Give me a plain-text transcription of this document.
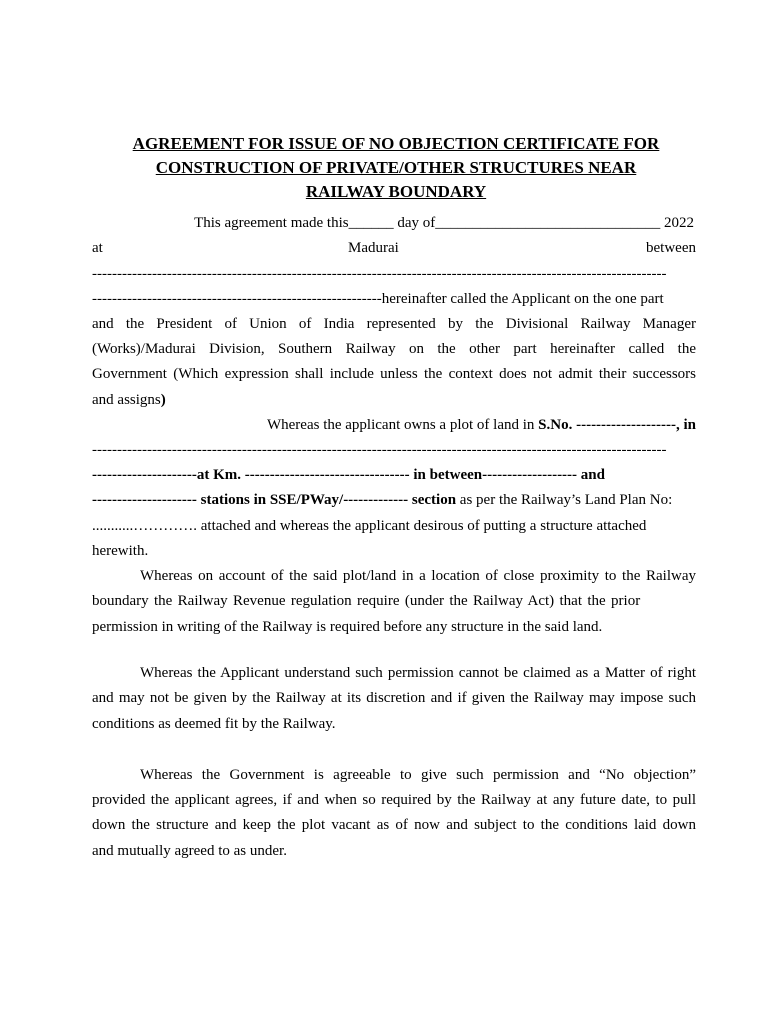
AGREEMENT FOR ISSUE OF NO OBJECTION CERTIFICATE FOR
CONSTRUCTION OF PRIVATE/OTHER STRUCTURES NEAR
RAILWAY BOUNDARY
This agreement made this______ day of______________________________ 2022
at	Madurai	between
-------------------------------------------------------------------------------------------------------------------
----------------------------------------------------------hereinafter called the Applicant on the one part
and the President of Union of India represented by the Divisional Railway Manager
(Works)/Madurai Division, Southern Railway on the other part hereinafter called the
Government (Which expression shall include unless the context does not admit their successors
and assigns)
Whereas the applicant owns a plot of land in S.No. --------------------, in
-------------------------------------------------------------------------------------------------------------------
---------------------at Km. --------------------------------- in between------------------- and
--------------------- stations in SSE/PWay/------------- section as per the Railway’s Land Plan No:
...........…………. attached and whereas the applicant desirous of putting a structure attached
herewith.
Whereas on account of the said plot/land in a location of close proximity to the Railway
boundary the Railway Revenue regulation require (under the Railway Act) that the prior
permission in writing of the Railway is required before any structure in the said land.
Whereas the Applicant understand such permission cannot be claimed as a Matter of right
and may not be given by the Railway at its discretion and if given the Railway may impose such
conditions as deemed fit by the Railway.
Whereas the Government is agreeable to give such permission and “No objection”
provided the applicant agrees, if and when so required by the Railway at any future date, to pull
down the structure and keep the plot vacant as of now and subject to the conditions laid down
and mutually agreed to as under.
